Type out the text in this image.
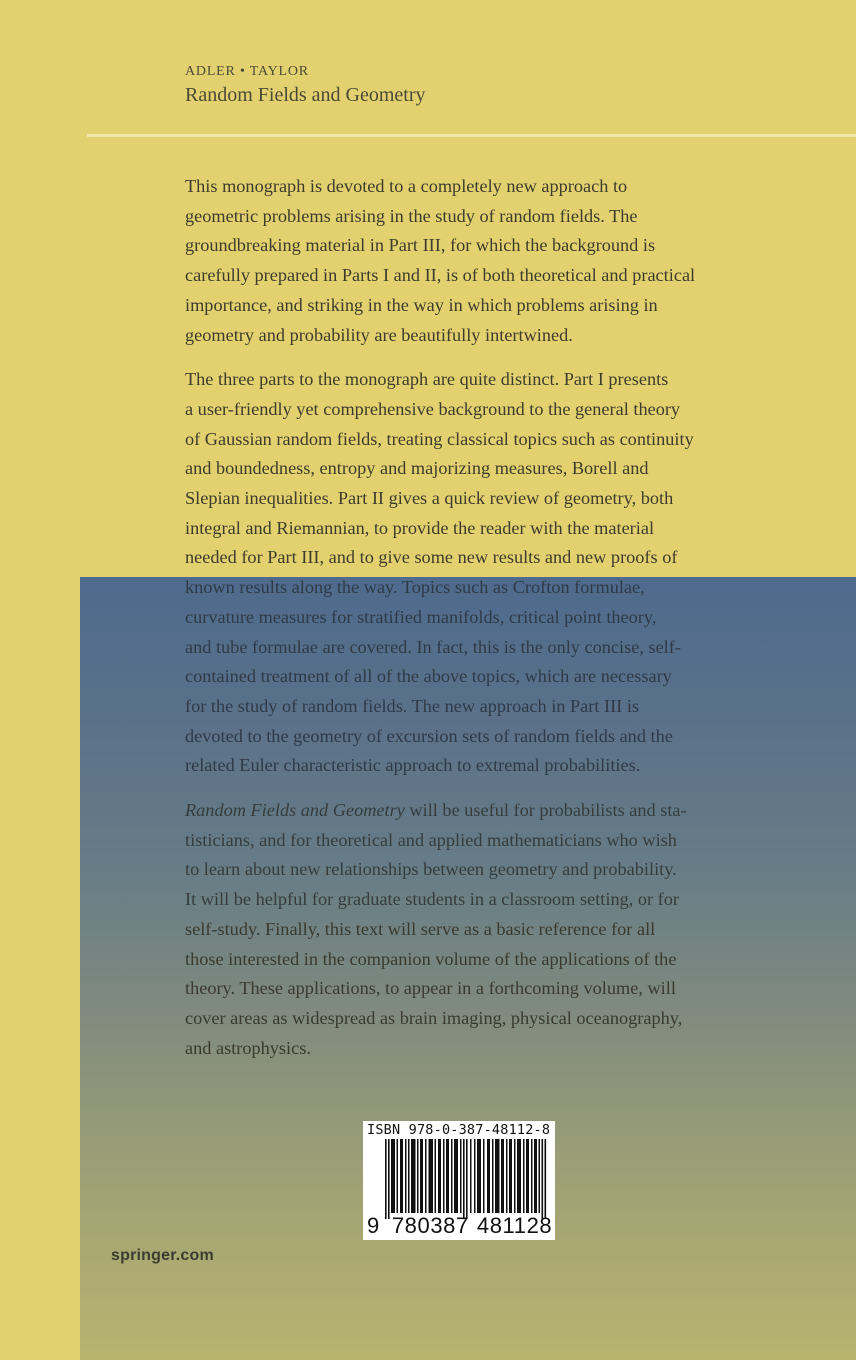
ADLER • TAYLOR
Random Fields and Geometry

This monograph is devoted to a completely new approach to
geometric problems arising in the study of random fields. The
groundbreaking material in Part III, for which the background is
carefully prepared in Parts I and II, is of both theoretical and practical
importance, and striking in the way in which problems arising in
geometry and probability are beautifully intertwined.

The three parts to the monograph are quite distinct. Part I presents
a user-friendly yet comprehensive background to the general theory
of Gaussian random fields, treating classical topics such as continuity
and boundedness, entropy and majorizing measures, Borell and
Slepian inequalities. Part II gives a quick review of geometry, both
integral and Riemannian, to provide the reader with the material
needed for Part III, and to give some new results and new proofs of
known results along the way. Topics such as Crofton formulae,
curvature measures for stratified manifolds, critical point theory,
and tube formulae are covered. In fact, this is the only concise, self-
contained treatment of all of the above topics, which are necessary
for the study of random fields. The new approach in Part III is
devoted to the geometry of excursion sets of random fields and the
related Euler characteristic approach to extremal probabilities.

Random Fields and Geometry will be useful for probabilists and sta-
tisticians, and for theoretical and applied mathematicians who wish
to learn about new relationships between geometry and probability.
It will be helpful for graduate students in a classroom setting, or for
self-study. Finally, this text will serve as a basic reference for all
those interested in the companion volume of the applications of the
theory. These applications, to appear in a forthcoming volume, will
cover areas as widespread as brain imaging, physical oceanography,
and astrophysics.

ISBN 978-0-387-48112-8
9 780387 481128
springer.com
